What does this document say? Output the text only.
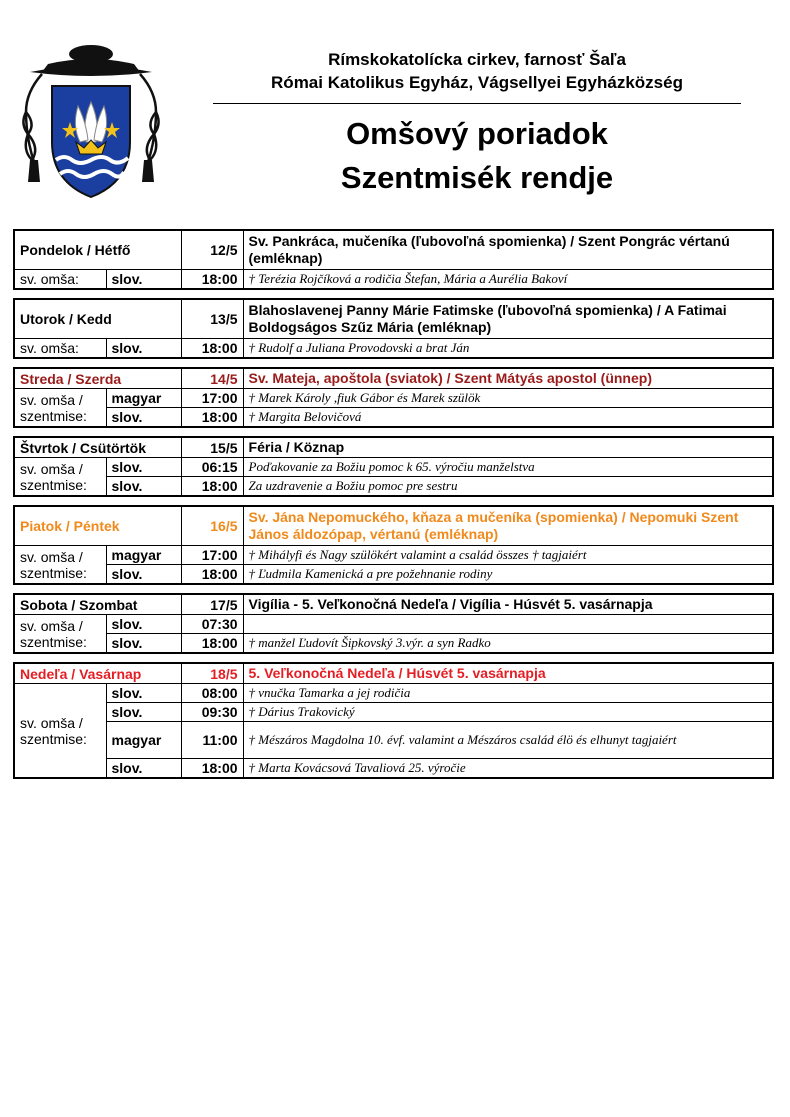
Rímskokatolícka cirkev, farnosť Šaľa
Római Katolikus Egyház, Vágsellyei Egyházközség
Omšový poriadok
Szentmisék rendje
Pondelok / Hétfő		12/5	Sv. Pankráca, mučeníka (ľubovoľná spomienka) / Szent Pongrác vértanú (emléknap)
sv. omša:	slov.	18:00	† Terézia Rojčíková a rodičia Štefan, Mária a Aurélia Bakoví
Utorok / Kedd		13/5	Blahoslavenej Panny Márie Fatimske (ľubovoľná spomienka) / A Fatimai Boldogságos Szűz Mária (emléknap)
sv. omša:	slov.	18:00	† Rudolf a Juliana Provodovski a brat Ján
Streda / Szerda		14/5	Sv. Mateja, apoštola (sviatok) / Szent Mátyás apostol (ünnep)
sv. omša / szentmise:	magyar	17:00	† Marek Károly ,fiuk Gábor és Marek szülök
	slov.	18:00	† Margita Belovičová
Štvrtok / Csütörtök		15/5	Féria / Köznap
sv. omša / szentmise:	slov.	06:15	Poďakovanie za Božiu pomoc k 65. výročiu manželstva
	slov.	18:00	Za uzdravenie a Božiu pomoc pre sestru
Piatok / Péntek		16/5	Sv. Jána Nepomuckého, kňaza a mučeníka (spomienka) / Nepomuki Szent János áldozópap, vértanú (emléknap)
sv. omša / szentmise:	magyar	17:00	† Mihályfi és Nagy szülökért valamint a család összes † tagjaiért
	slov.	18:00	† Ľudmila Kamenická a pre požehnanie rodiny
Sobota / Szombat		17/5	Vigília - 5. Veľkonočná Nedeľa / Vigília - Húsvét 5. vasárnapja
sv. omša / szentmise:	slov.	07:30	
	slov.	18:00	† manžel Ľudovít Šipkovský 3.výr. a syn Radko
Nedeľa / Vasárnap		18/5	5. Veľkonočná Nedeľa / Húsvét 5. vasárnapja
sv. omša / szentmise:	slov.	08:00	† vnučka Tamarka a jej rodičia
	slov.	09:30	† Dárius Trakovický
	magyar	11:00	† Mészáros Magdolna 10. évf. valamint a Mészáros család élö és elhunyt tagjaiért
	slov.	18:00	† Marta Kovácsová Tavaliová 25. výročie
